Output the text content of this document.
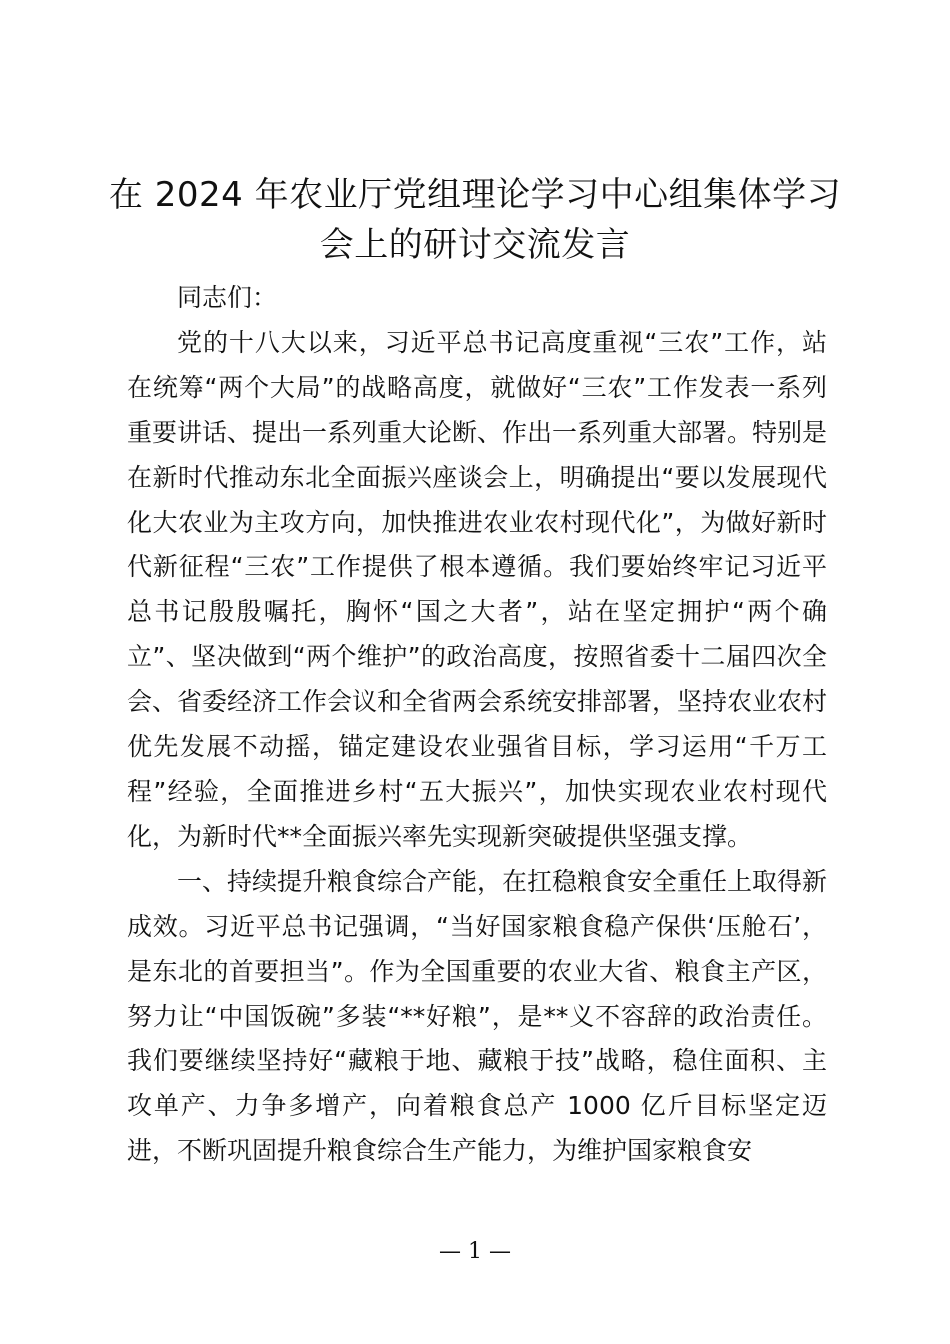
在 2024 年农业厅党组理论学习中心组集体学习会上的研讨交流发言

同志们：

党的十八大以来，习近平总书记高度重视“三农”工作，站在统筹“两个大局”的战略高度，就做好“三农”工作发表一系列重要讲话、提出一系列重大论断、作出一系列重大部署。特别是在新时代推动东北全面振兴座谈会上，明确提出“要以发展现代化大农业为主攻方向，加快推进农业农村现代化”，为做好新时代新征程“三农”工作提供了根本遵循。我们要始终牢记习近平总书记殷殷嘱托，胸怀“国之大者”，站在坚定拥护“两个确立”、坚决做到“两个维护”的政治高度，按照省委十二届四次全会、省委经济工作会议和全省两会系统安排部署，坚持农业农村优先发展不动摇，锚定建设农业强省目标，学习运用“千万工程”经验，全面推进乡村“五大振兴”，加快实现农业农村现代化，为新时代**全面振兴率先实现新突破提供坚强支撑。

一、持续提升粮食综合产能，在扛稳粮食安全重任上取得新成效。习近平总书记强调，“当好国家粮食稳产保供‘压舱石’，是东北的首要担当”。作为全国重要的农业大省、粮食主产区，努力让“中国饭碗”多装“**好粮”，是**义不容辞的政治责任。我们要继续坚持好“藏粮于地、藏粮于技”战略，稳住面积、主攻单产、力争多增产，向着粮食总产 1000 亿斤目标坚定迈进，不断巩固提升粮食综合生产能力，为维护国家粮食安

— 1 —
